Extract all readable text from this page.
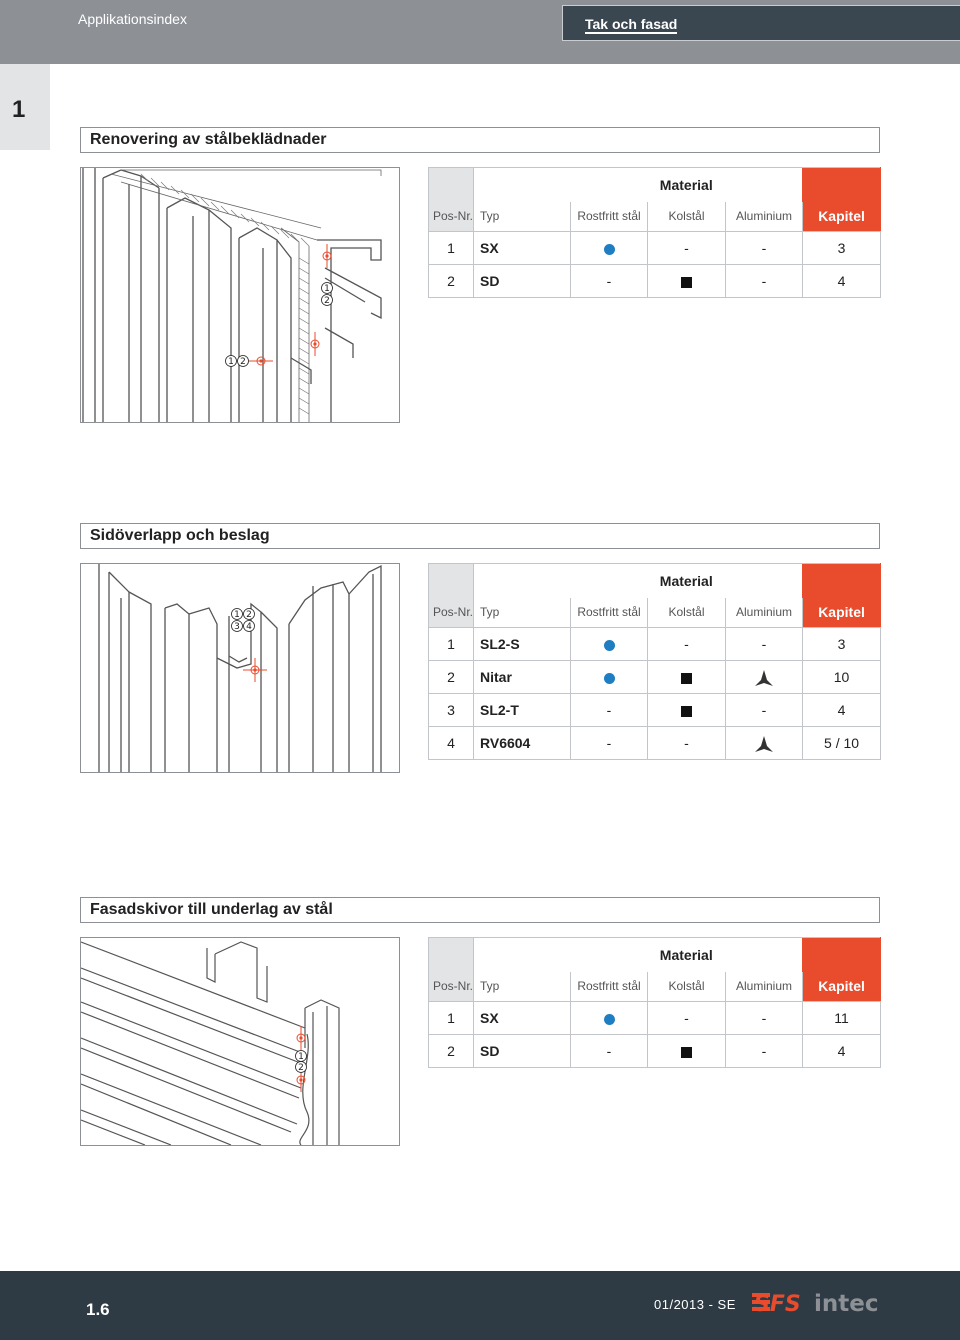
Applikationsindex	Tak och fasad
1
Renovering av stålbeklädnader
1
2
1 2
		Material			
Pos-Nr.	Typ	Rostfritt stål	Kolstål	Aluminium	Kapitel
1	SX		-	-	3
2	SD	-		-	4
Sidöverlapp och beslag
1 2
3 4
		Material			
Pos-Nr.	Typ	Rostfritt stål	Kolstål	Aluminium	Kapitel
1	SL2-S		-	-	3
2	Nitar				10
3	SL2-T	-		-	4
4	RV6604	-	-		5 / 10
Fasadskivor till underlag av stål
1
2
		Material			
Pos-Nr.	Typ	Rostfritt stål	Kolstål	Aluminium	Kapitel
1	SX		-	-	11
2	SD	-		-	4
1.6	01/2013 - SE SFS intec
